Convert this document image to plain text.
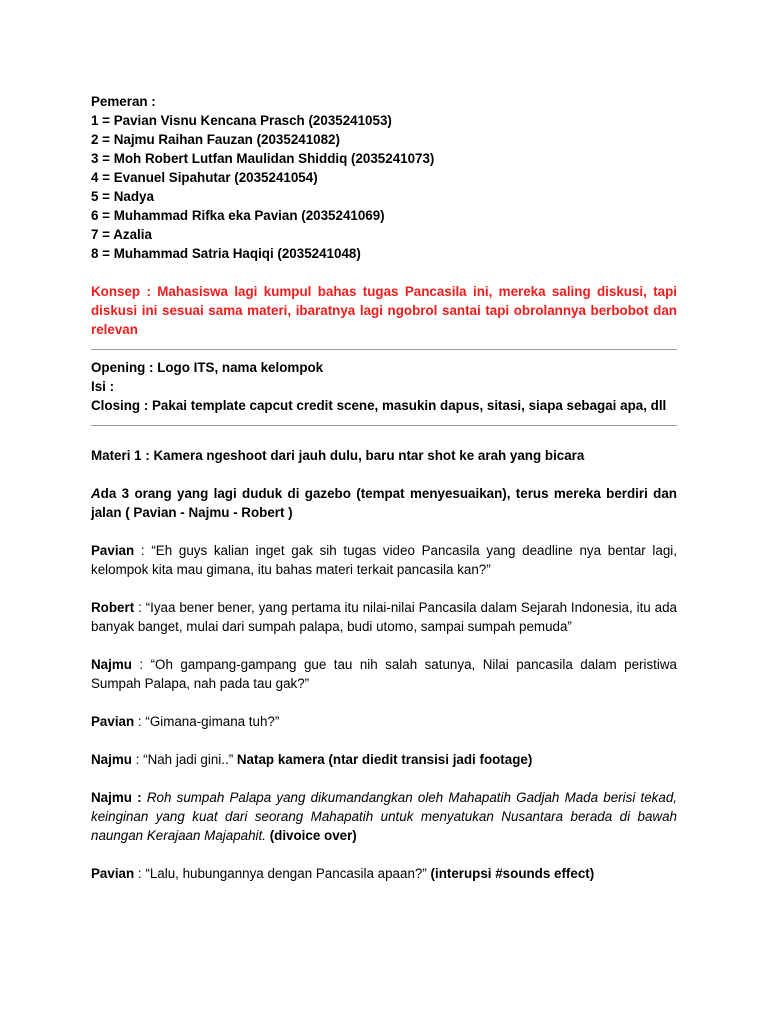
Pemeran :
1 = Pavian Visnu Kencana Prasch (2035241053)
2 = Najmu Raihan Fauzan (2035241082)
3 = Moh Robert Lutfan Maulidan Shiddiq (2035241073)
4 = Evanuel Sipahutar (2035241054)
5 = Nadya
6 = Muhammad Rifka eka Pavian (2035241069)
7 = Azalia
8 = Muhammad Satria Haqiqi (2035241048)
Konsep : Mahasiswa lagi kumpul bahas tugas Pancasila ini, mereka saling diskusi, tapi diskusi ini sesuai sama materi, ibaratnya lagi ngobrol santai tapi obrolannya berbobot dan relevan
Opening : Logo ITS, nama kelompok
Isi :
Closing : Pakai template capcut credit scene, masukin dapus, sitasi, siapa sebagai apa, dll
Materi 1 : Kamera ngeshoot dari jauh dulu, baru ntar shot ke arah yang bicara
Ada 3 orang yang lagi duduk di gazebo (tempat menyesuaikan), terus mereka berdiri dan jalan ( Pavian - Najmu - Robert )
Pavian : “Eh guys kalian inget gak sih tugas video Pancasila yang deadline nya bentar lagi, kelompok kita mau gimana, itu bahas materi terkait pancasila kan?”
Robert : “Iyaa bener bener, yang pertama itu nilai-nilai Pancasila dalam Sejarah Indonesia, itu ada banyak banget, mulai dari sumpah palapa, budi utomo, sampai sumpah pemuda”
Najmu : “Oh gampang-gampang gue tau nih salah satunya, Nilai pancasila dalam peristiwa Sumpah Palapa, nah pada tau gak?”
Pavian : “Gimana-gimana tuh?”
Najmu : “Nah jadi gini..” Natap kamera (ntar diedit transisi jadi footage)
Najmu : Roh sumpah Palapa yang dikumandangkan oleh Mahapatih Gadjah Mada berisi tekad, keinginan yang kuat dari seorang Mahapatih untuk menyatukan Nusantara berada di bawah naungan Kerajaan Majapahit. (divoice over)
Pavian : “Lalu, hubungannya dengan Pancasila apaan?” (interupsi #sounds effect)
